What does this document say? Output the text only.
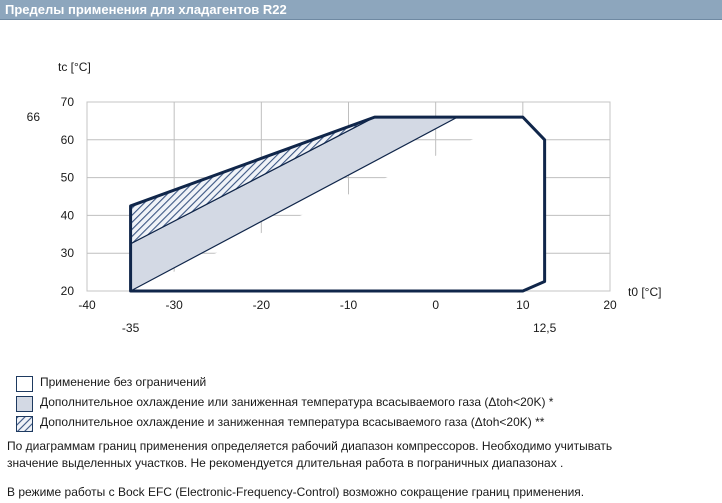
Пределы применения для хладагентов R22
-40	-30	-20	-10	0	10	20
20
30
40
50
60
70
-35	12,5
66
tc [°C]
t0 [°C]
Применение без ограничений
Дополнительное охлаждение или заниженная температура всасываемого газа (Δtoh<20K) *
Дополнительное охлаждение и заниженная температура всасываемого газа (Δtoh<20K) **
По диаграммам границ применения определяется рабочий диапазон компрессоров. Необходимо учитывать
значение выделенных участков. Не рекомендуется длительная работа в пограничных диапазонах .
В режиме работы с Bock EFC (Electronic-Frequency-Control) возможно сокращение границ применения.
